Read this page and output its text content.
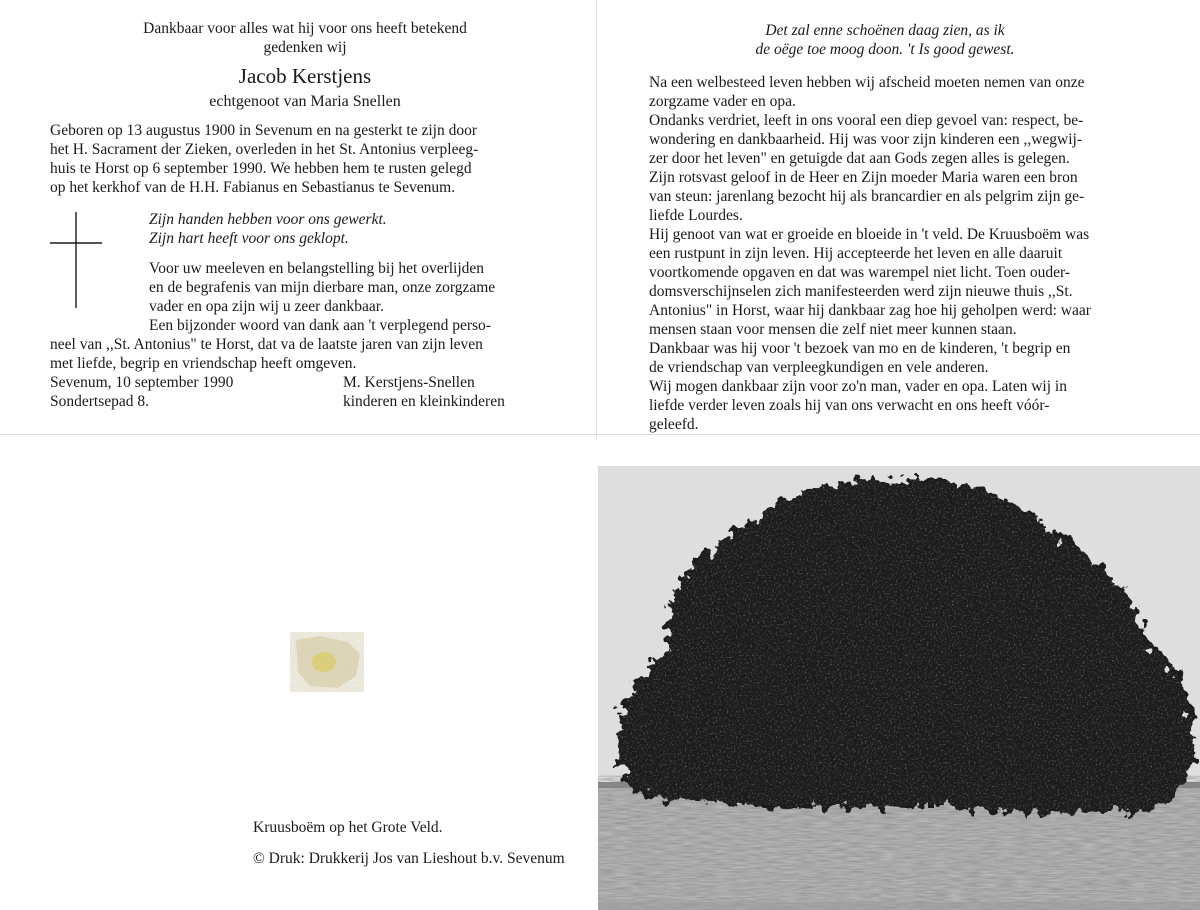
Dankbaar voor alles wat hij voor ons heeft betekend
gedenken wij
Jacob Kerstjens
echtgenoot van Maria Snellen
Geboren op 13 augustus 1900 in Sevenum en na gesterkt te zijn door
het H. Sacrament der Zieken, overleden in het St. Antonius verpleeg-
huis te Horst op 6 september 1990. We hebben hem te rusten gelegd
op het kerkhof van de H.H. Fabianus en Sebastianus te Sevenum.
Zijn handen hebben voor ons gewerkt.
Zijn hart heeft voor ons geklopt.
Voor uw meeleven en belangstelling bij het overlijden
en de begrafenis van mijn dierbare man, onze zorgzame
vader en opa zijn wij u zeer dankbaar.
Een bijzonder woord van dank aan 't verplegend perso-
neel van ,,St. Antonius" te Horst, dat va de laatste jaren van zijn leven
met liefde, begrip en vriendschap heeft omgeven.
Sevenum, 10 september 1990
Sondertsepad 8.
M. Kerstjens-Snellen
kinderen en kleinkinderen
Det zal enne schoënen daag zien, as ik
de oëge toe moog doon. 't Is good gewest.
Na een welbesteed leven hebben wij afscheid moeten nemen van onze
zorgzame vader en opa.
Ondanks verdriet, leeft in ons vooral een diep gevoel van: respect, be-
wondering en dankbaarheid. Hij was voor zijn kinderen een ,,wegwij-
zer door het leven" en getuigde dat aan Gods zegen alles is gelegen.
Zijn rotsvast geloof in de Heer en Zijn moeder Maria waren een bron
van steun: jarenlang bezocht hij als brancardier en als pelgrim zijn ge-
liefde Lourdes.
Hij genoot van wat er groeide en bloeide in 't veld. De Kruusboëm was
een rustpunt in zijn leven. Hij accepteerde het leven en alle daaruit
voortkomende opgaven en dat was warempel niet licht. Toen ouder-
domsverschijnselen zich manifesteerden werd zijn nieuwe thuis ,,St.
Antonius" in Horst, waar hij dankbaar zag hoe hij geholpen werd: waar
mensen staan voor mensen die zelf niet meer kunnen staan.
Dankbaar was hij voor 't bezoek van mo en de kinderen, 't begrip en
de vriendschap van verpleegkundigen en vele anderen.
Wij mogen dankbaar zijn voor zo'n man, vader en opa. Laten wij in
liefde verder leven zoals hij van ons verwacht en ons heeft vóór-
geleefd.
Kruusboëm op het Grote Veld.
© Druk: Drukkerij Jos van Lieshout b.v. Sevenum
